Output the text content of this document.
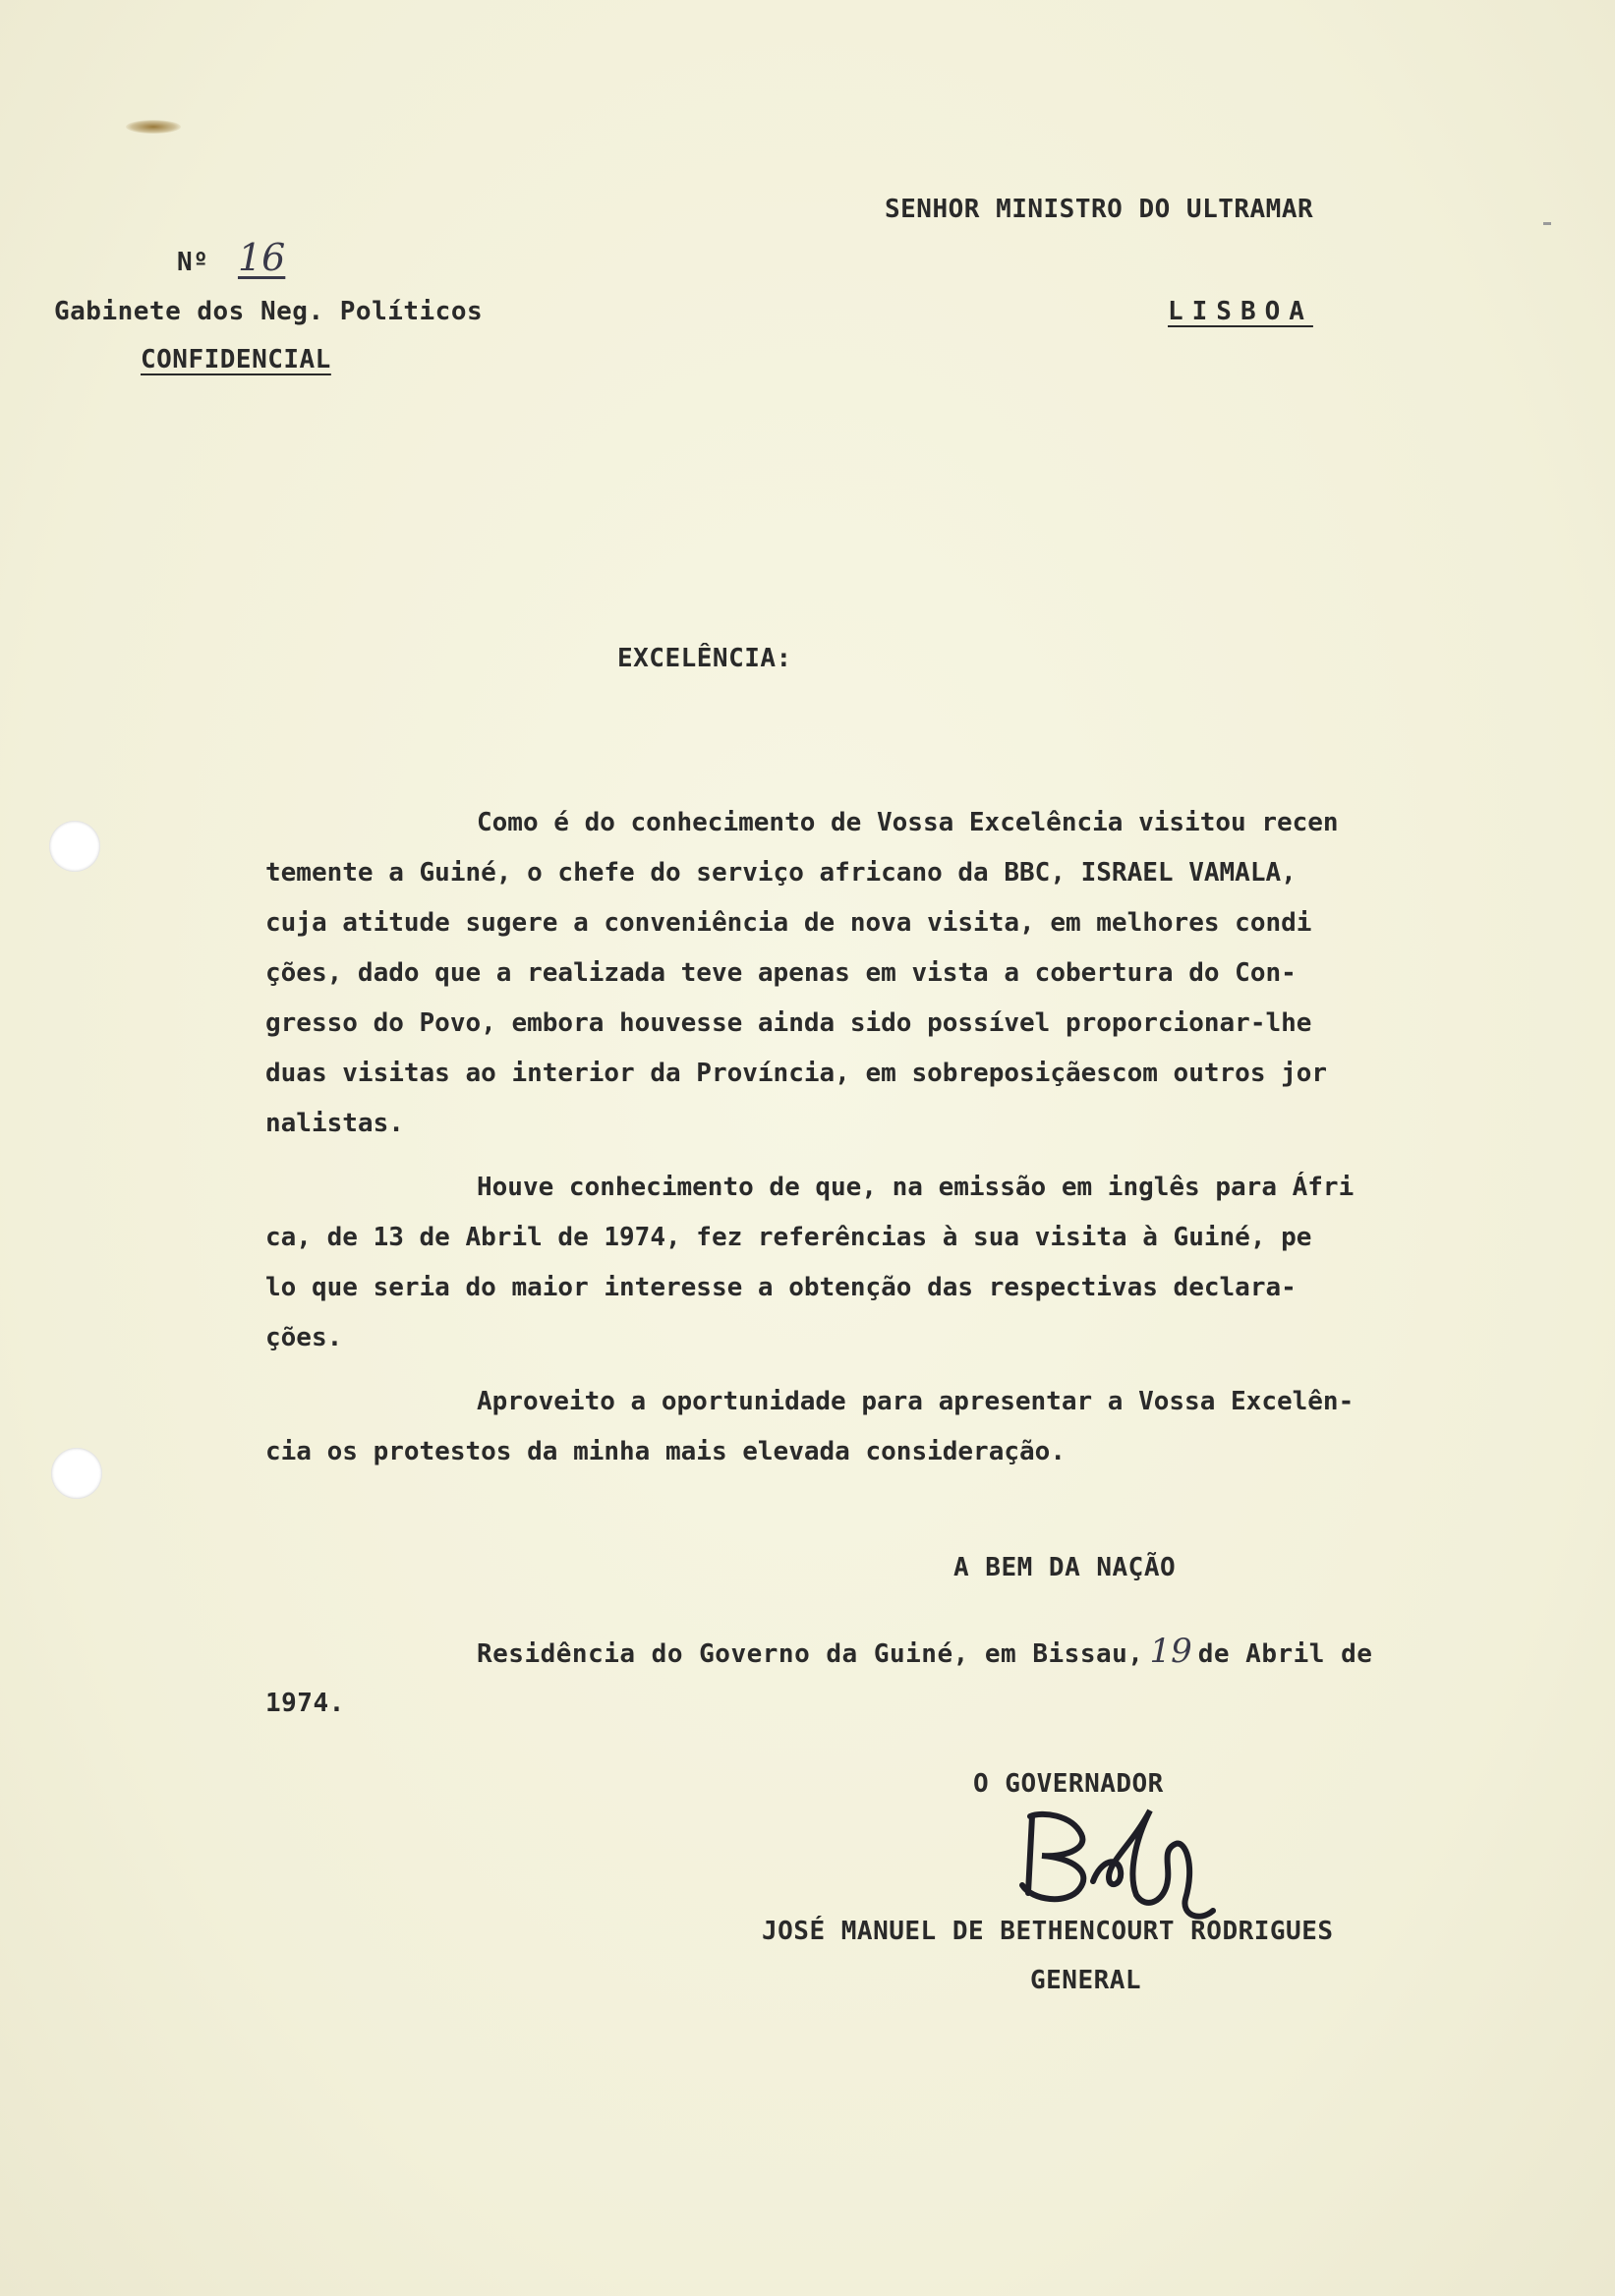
SENHOR MINISTRO DO ULTRAMAR
LISBOA
Nº 16
Gabinete dos Neg. Políticos
CONFIDENCIAL
EXCELÊNCIA:
Como é do conhecimento de Vossa Excelência visitou recen
temente a Guiné, o chefe do serviço africano da BBC, ISRAEL VAMALA,
cuja atitude sugere a conveniência de nova visita, em melhores condi
ções, dado que a realizada teve apenas em vista a cobertura do Con-
gresso do Povo, embora houvesse ainda sido possível proporcionar-lhe
duas visitas ao interior da Província, em sobreposiçãescom outros jor
nalistas.
Houve conhecimento de que, na emissão em inglês para Áfri
ca, de 13 de Abril de 1974, fez referências à sua visita à Guiné, pe
lo que seria do maior interesse a obtenção das respectivas declara-
ções.
Aproveito a oportunidade para apresentar a Vossa Excelên-
cia os protestos da minha mais elevada consideração.
A BEM DA NAÇÃO
Residência do Governo da Guiné, em Bissau, 19 de Abril de
1974.
O GOVERNADOR
JOSÉ MANUEL DE BETHENCOURT RODRIGUES
GENERAL
